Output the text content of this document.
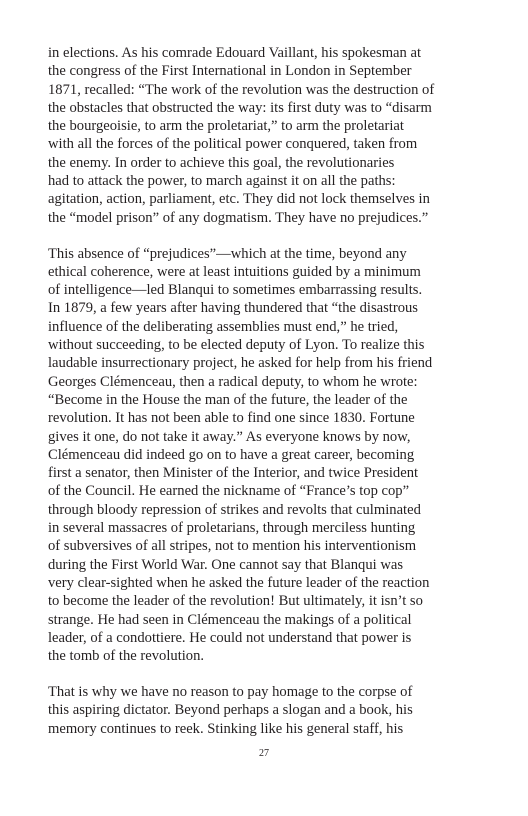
in elections. As his comrade Edouard Vaillant, his spokesman at
the congress of the First International in London in September
1871, recalled: “The work of the revolution was the destruction of
the obstacles that obstructed the way: its first duty was to “disarm
the bourgeoisie, to arm the proletariat,” to arm the proletariat
with all the forces of the political power conquered, taken from
the enemy. In order to achieve this goal, the revolutionaries
had to attack the power, to march against it on all the paths:
agitation, action, parliament, etc. They did not lock themselves in
the “model prison” of any dogmatism. They have no prejudices.”

This absence of “prejudices”—which at the time, beyond any
ethical coherence, were at least intuitions guided by a minimum
of intelligence—led Blanqui to sometimes embarrassing results.
In 1879, a few years after having thundered that “the disastrous
influence of the deliberating assemblies must end,” he tried,
without succeeding, to be elected deputy of Lyon. To realize this
laudable insurrectionary project, he asked for help from his friend
Georges Clémenceau, then a radical deputy, to whom he wrote:
“Become in the House the man of the future, the leader of the
revolution. It has not been able to find one since 1830. Fortune
gives it one, do not take it away.” As everyone knows by now,
Clémenceau did indeed go on to have a great career, becoming
first a senator, then Minister of the Interior, and twice President
of the Council. He earned the nickname of “France’s top cop”
through bloody repression of strikes and revolts that culminated
in several massacres of proletarians, through merciless hunting
of subversives of all stripes, not to mention his interventionism
during the First World War. One cannot say that Blanqui was
very clear-sighted when he asked the future leader of the reaction
to become the leader of the revolution! But ultimately, it isn’t so
strange. He had seen in Clémenceau the makings of a political
leader, of a condottiere. He could not understand that power is
the tomb of the revolution.

That is why we have no reason to pay homage to the corpse of
this aspiring dictator. Beyond perhaps a slogan and a book, his
memory continues to reek. Stinking like his general staff, his

27
